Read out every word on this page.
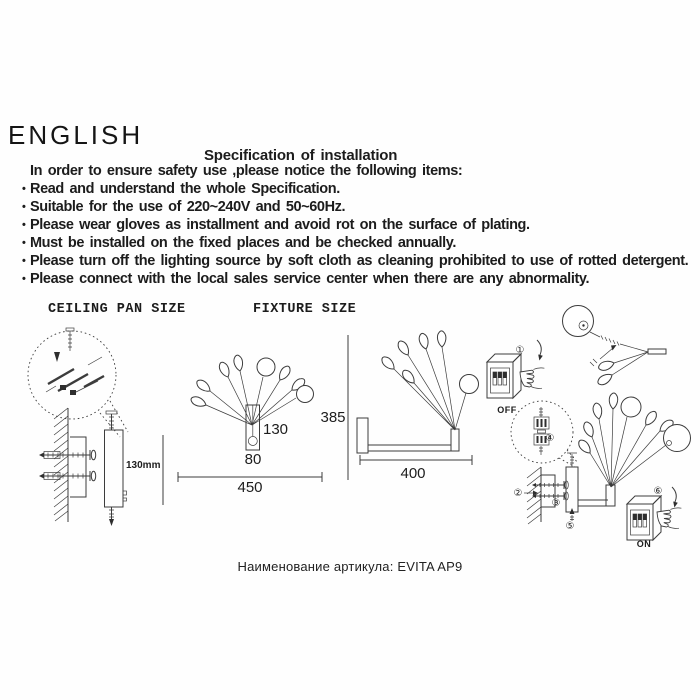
ENGLISH
Specification of installation
In order to ensure safety use ,please notice the following items:
• Read and understand the whole Specification.
• Suitable for the use of 220~240V and 50~60Hz.
• Please wear gloves as installment and avoid rot on the surface of plating.
• Must be installed on the fixed places and be checked annually.
• Please turn off the lighting source by soft cloth as cleaning prohibited to use of rotted detergent.
• Please connect with the local sales service center when there are any abnormality.
CEILING PAN SIZE	FIXTURE SIZE
130mm
130
80
450
385
400
①
OFF
④
②
③
⑤
⑥
ON
Наименование артикула: EVITA AP9
